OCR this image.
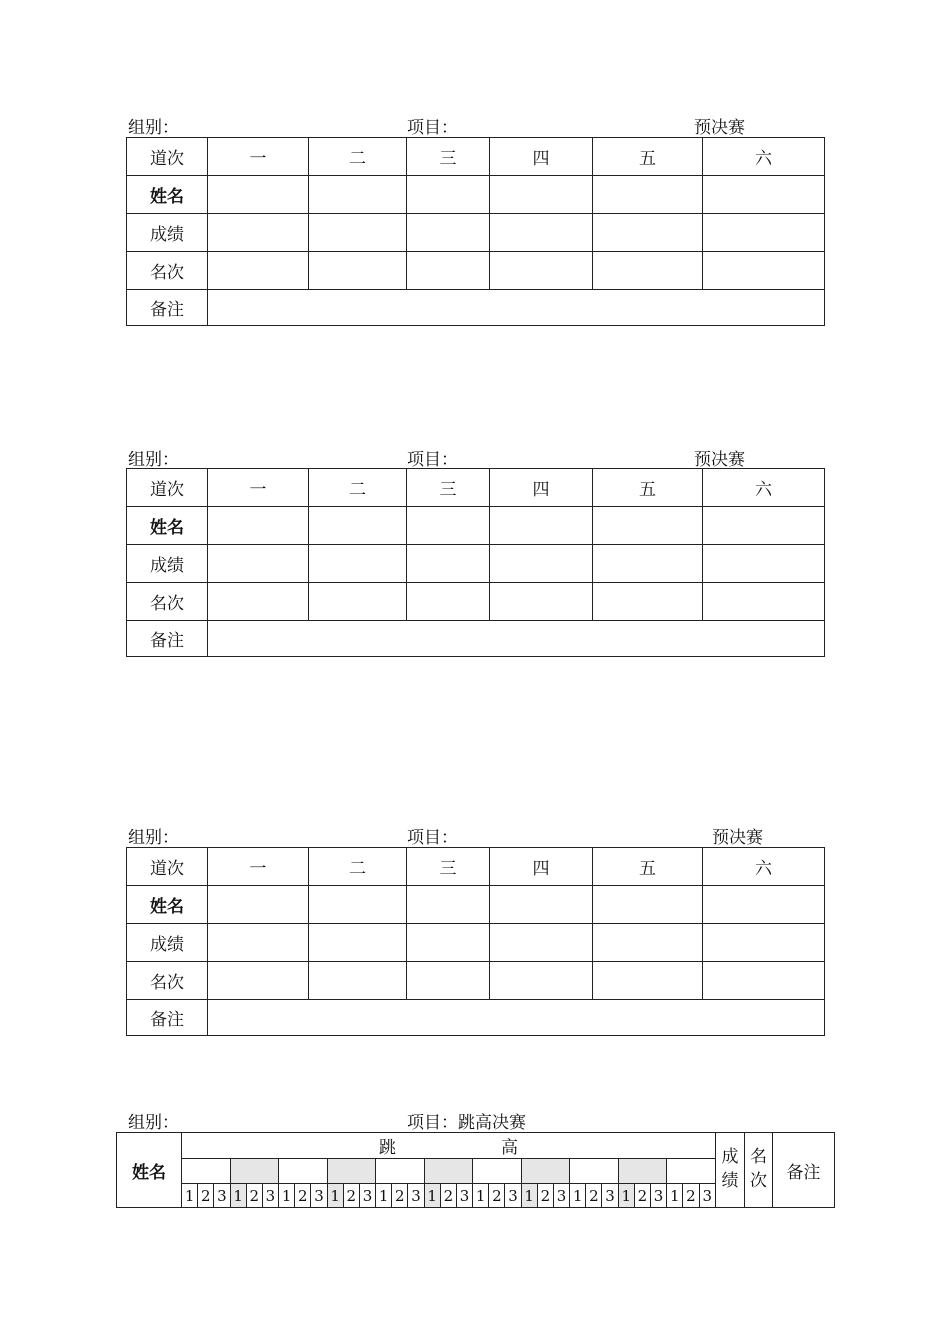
组别：	项目：	预决赛
道次	一	二	三	四	五	六
姓名						
成绩						
名次						
备注						
组别：	项目：	预决赛
道次	一	二	三	四	五	六
姓名						
成绩						
名次						
备注						
组别：	项目：	预决赛
道次	一	二	三	四	五	六
姓名						
成绩						
名次						
备注						
组别：	项目：跳高决赛
姓名	跳 高																																	成绩	名次	备注

	1	2	3	1	2	3	1	2	3	1	2	3	1	2	3	1	2	3	1	2	3	1	2	3	1	2	3	1	2	3	1	2	3			
